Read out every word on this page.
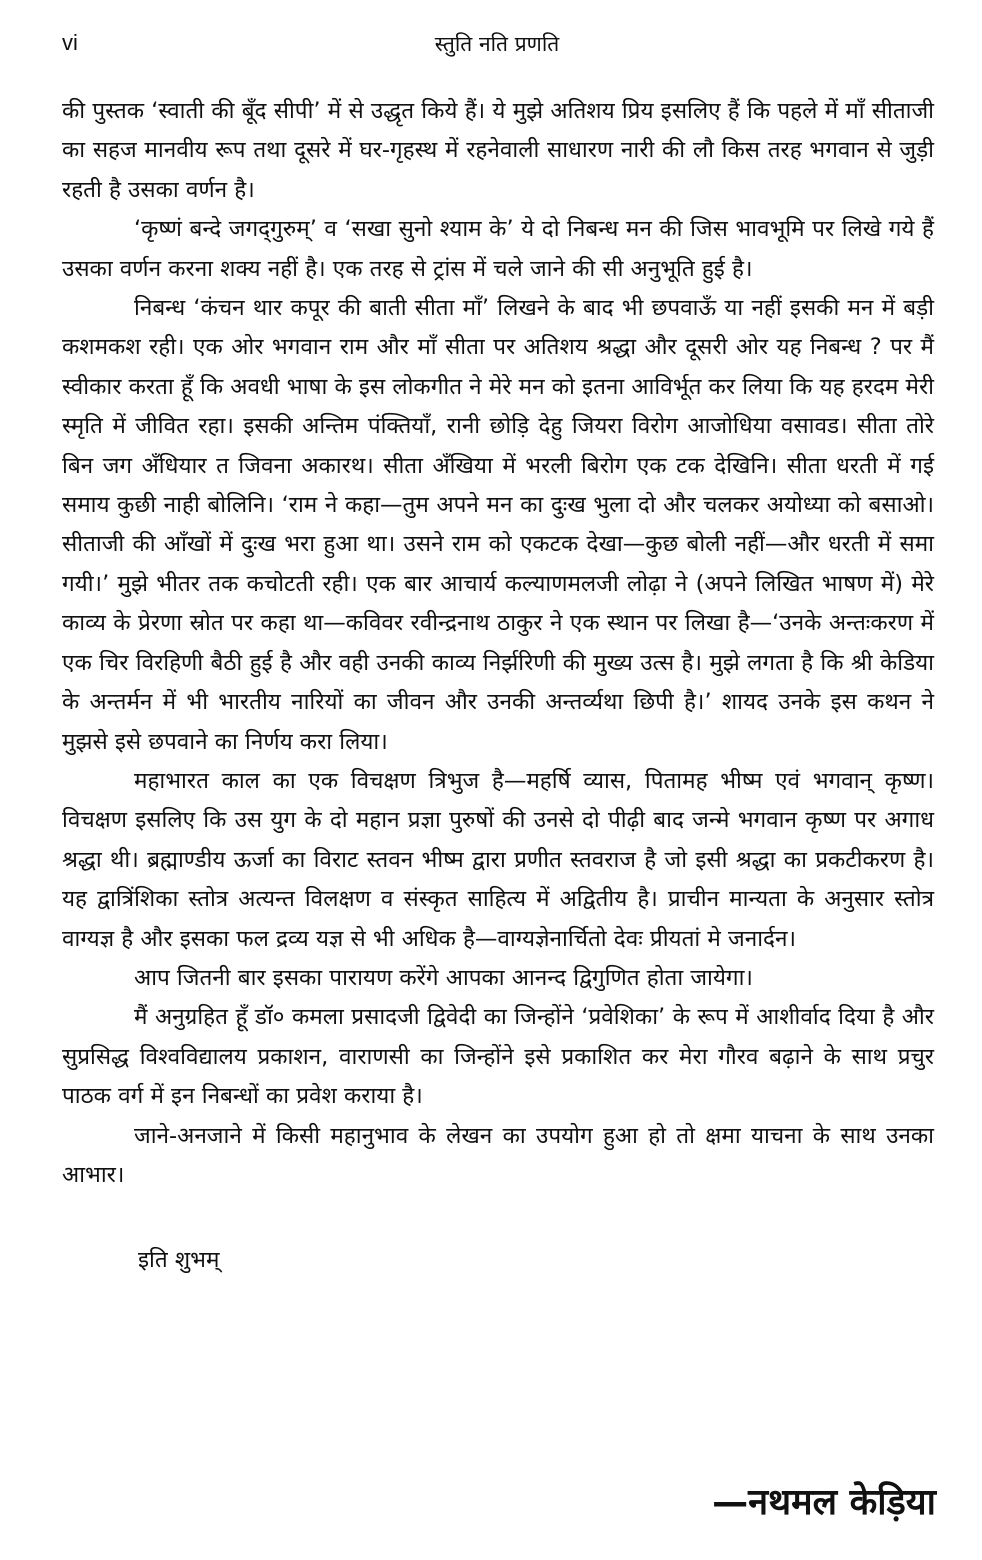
vi	स्तुति नति प्रणति

की पुस्तक ‘स्वाती की बूँद सीपी’ में से उद्धृत किये हैं। ये मुझे अतिशय प्रिय इसलिए हैं कि पहले में माँ सीताजी का सहज मानवीय रूप तथा दूसरे में घर-गृहस्थ में रहनेवाली साधारण नारी की लौ किस तरह भगवान से जुड़ी रहती है उसका वर्णन है।

‘कृष्णं बन्दे जगद्‌गुरुम्’ व ‘सखा सुनो श्याम के’ ये दो निबन्ध मन की जिस भावभूमि पर लिखे गये हैं उसका वर्णन करना शक्य नहीं है। एक तरह से ट्रांस में चले जाने की सी अनुभूति हुई है।

निबन्ध ‘कंचन थार कपूर की बाती सीता माँ’ लिखने के बाद भी छपवाऊँ या नहीं इसकी मन में बड़ी कशमकश रही। एक ओर भगवान राम और माँ सीता पर अतिशय श्रद्धा और दूसरी ओर यह निबन्ध ? पर मैं स्वीकार करता हूँ कि अवधी भाषा के इस लोकगीत ने मेरे मन को इतना आविर्भूत कर लिया कि यह हरदम मेरी स्मृति में जीवित रहा। इसकी अन्तिम पंक्तियाँ, रानी छोड़ि देहु जियरा विरोग आजोधिया वसावड। सीता तोरे बिन जग अँधियार त जिवना अकारथ। सीता अँखिया में भरली बिरोग एक टक देखिनि। सीता धरती में गई समाय कुछी नाही बोलिनि। ‘राम ने कहा—तुम अपने मन का दुःख भुला दो और चलकर अयोध्या को बसाओ। सीताजी की आँखों में दुःख भरा हुआ था। उसने राम को एकटक देखा—कुछ बोली नहीं—और धरती में समा गयी।’ मुझे भीतर तक कचोटती रही। एक बार आचार्य कल्याणमलजी लोढ़ा ने (अपने लिखित भाषण में) मेरे काव्य के प्रेरणा स्रोत पर कहा था—कविवर रवीन्द्रनाथ ठाकुर ने एक स्थान पर लिखा है—‘उनके अन्तःकरण में एक चिर विरहिणी बैठी हुई है और वही उनकी काव्य निर्झरिणी की मुख्य उत्स है। मुझे लगता है कि श्री केडिया के अन्तर्मन में भी भारतीय नारियों का जीवन और उनकी अन्तर्व्यथा छिपी है।’ शायद उनके इस कथन ने मुझसे इसे छपवाने का निर्णय करा लिया।

महाभारत काल का एक विचक्षण त्रिभुज है—महर्षि व्यास, पितामह भीष्म एवं भगवान् कृष्ण। विचक्षण इसलिए कि उस युग के दो महान प्रज्ञा पुरुषों की उनसे दो पीढ़ी बाद जन्मे भगवान कृष्ण पर अगाध श्रद्धा थी। ब्रह्माण्डीय ऊर्जा का विराट स्तवन भीष्म द्वारा प्रणीत स्तवराज है जो इसी श्रद्धा का प्रकटीकरण है। यह द्वात्रिंशिका स्तोत्र अत्यन्त विलक्षण व संस्कृत साहित्य में अद्वितीय है। प्राचीन मान्यता के अनुसार स्तोत्र वाग्यज्ञ है और इसका फल द्रव्य यज्ञ से भी अधिक है—वाग्यज्ञेनार्चितो देवः प्रीयतां मे जनार्दन।

आप जितनी बार इसका पारायण करेंगे आपका आनन्द द्विगुणित होता जायेगा।

मैं अनुग्रहित हूँ डॉ० कमला प्रसादजी द्विवेदी का जिन्होंने ‘प्रवेशिका’ के रूप में आशीर्वाद दिया है और सुप्रसिद्ध विश्वविद्यालय प्रकाशन, वाराणसी का जिन्होंने इसे प्रकाशित कर मेरा गौरव बढ़ाने के साथ प्रचुर पाठक वर्ग में इन निबन्धों का प्रवेश कराया है।

जाने-अनजाने में किसी महानुभाव के लेखन का उपयोग हुआ हो तो क्षमा याचना के साथ उनका आभार।

इति शुभम्
—नथमल केड़िया
